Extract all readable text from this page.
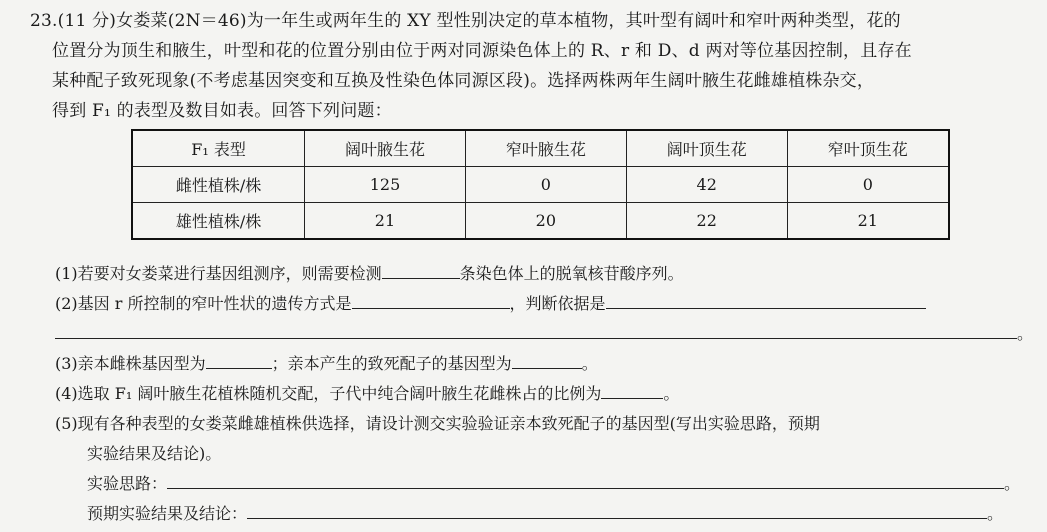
23.(11 分)女娄菜(2N＝46)为一年生或两年生的 XY 型性别决定的草本植物，其叶型有阔叶和窄叶两种类型，花的

位置分为顶生和腋生，叶型和花的位置分别由位于两对同源染色体上的 R、r 和 D、d 两对等位基因控制，且存在

某种配子致死现象(不考虑基因突变和互换及性染色体同源区段)。选择两株两年生阔叶腋生花雌雄植株杂交，

得到 F₁ 的表型及数目如表。回答下列问题：

F₁ 表型	阔叶腋生花	窄叶腋生花	阔叶顶生花	窄叶顶生花
雌性植株/株	125	0	42	0
雄性植株/株	21	20	22	21

(1)若要对女娄菜进行基因组测序，则需要检测	条染色体上的脱氧核苷酸序列。

(2)基因 r 所控制的窄叶性状的遗传方式是	，判断依据是

。

(3)亲本雌株基因型为	；亲本产生的致死配子的基因型为	。

(4)选取 F₁ 阔叶腋生花植株随机交配，子代中纯合阔叶腋生花雌株占的比例为	。

(5)现有各种表型的女娄菜雌雄植株供选择，请设计测交实验验证亲本致死配子的基因型(写出实验思路，预期

实验结果及结论)。

实验思路：	。

预期实验结果及结论：	。
